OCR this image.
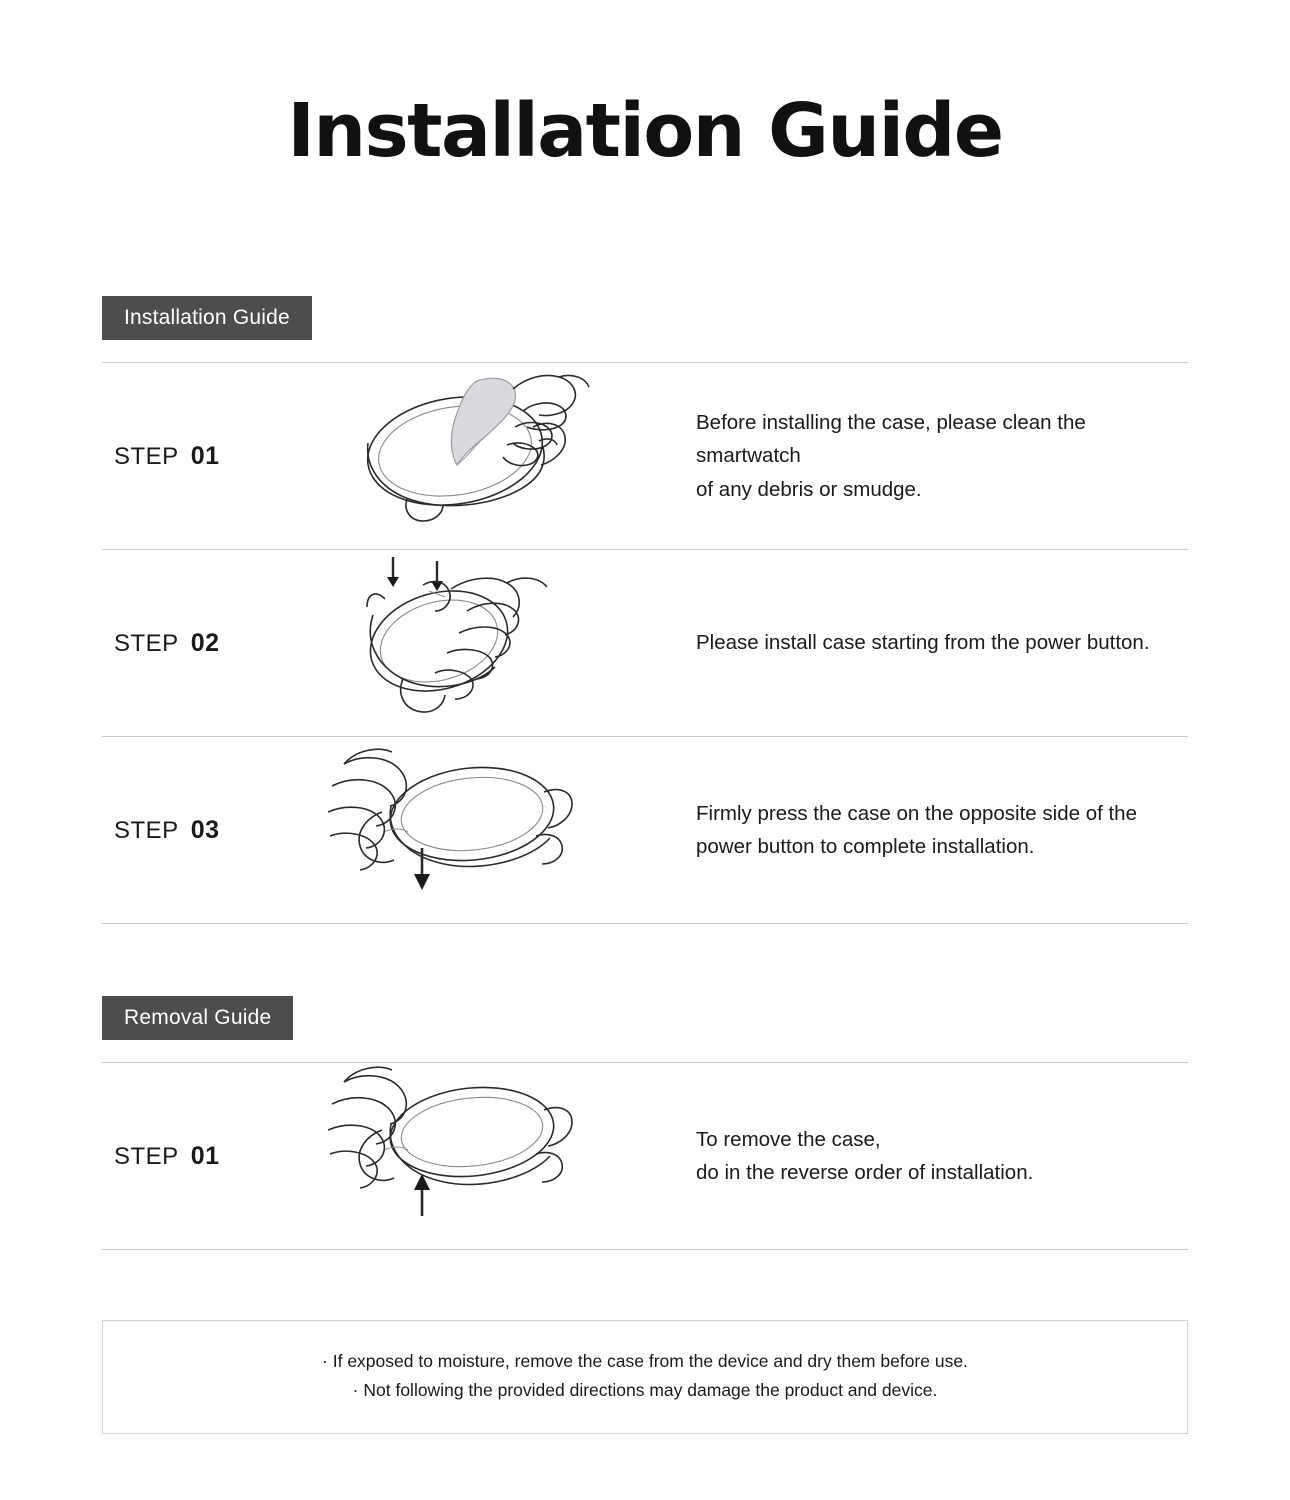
Installation Guide
Installation Guide
STEP 01
Before installing the case, please clean the smartwatch
of any debris or smudge.
STEP 02	Please install case starting from the power button.
STEP 03
Firmly press the case on the opposite side of the
power button to complete installation.
Removal Guide
STEP 01
To remove the case,
do in the reverse order of installation.
· If exposed to moisture, remove the case from the device and dry them before use.
· Not following the provided directions may damage the product and device.
